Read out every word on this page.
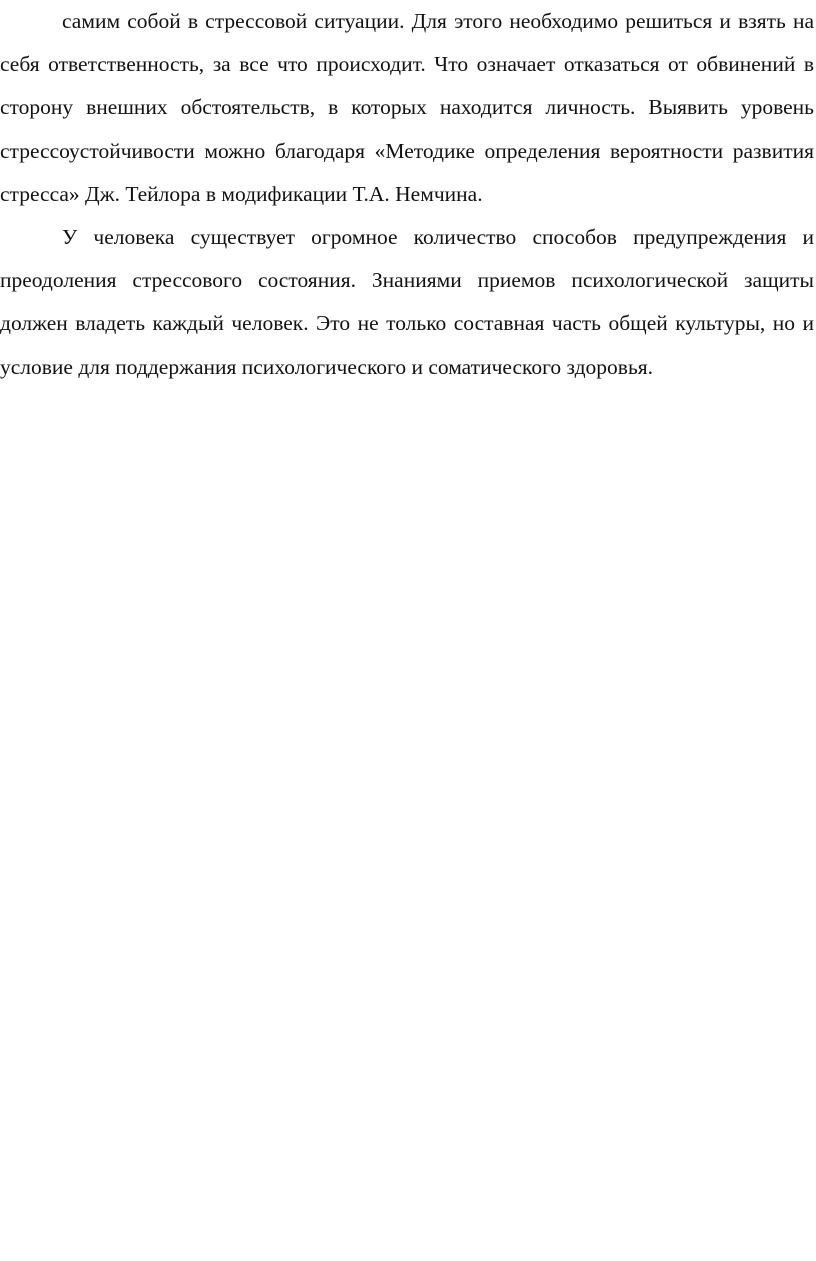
самим собой в стрессовой ситуации. Для этого необходимо решиться и взять на себя ответственность, за все что происходит. Что означает отказаться от обвинений в сторону внешних обстоятельств, в которых находится личность. Выявить уровень стрессоустойчивости можно благодаря «Методике определения вероятности развития стресса» Дж. Тейлора в модификации Т.А. Немчина.

У человека существует огромное количество способов предупреждения и преодоления стрессового состояния. Знаниями приемов психологической защиты должен владеть каждый человек. Это не только составная часть общей культуры, но и условие для поддержания психологического и соматического здоровья.
